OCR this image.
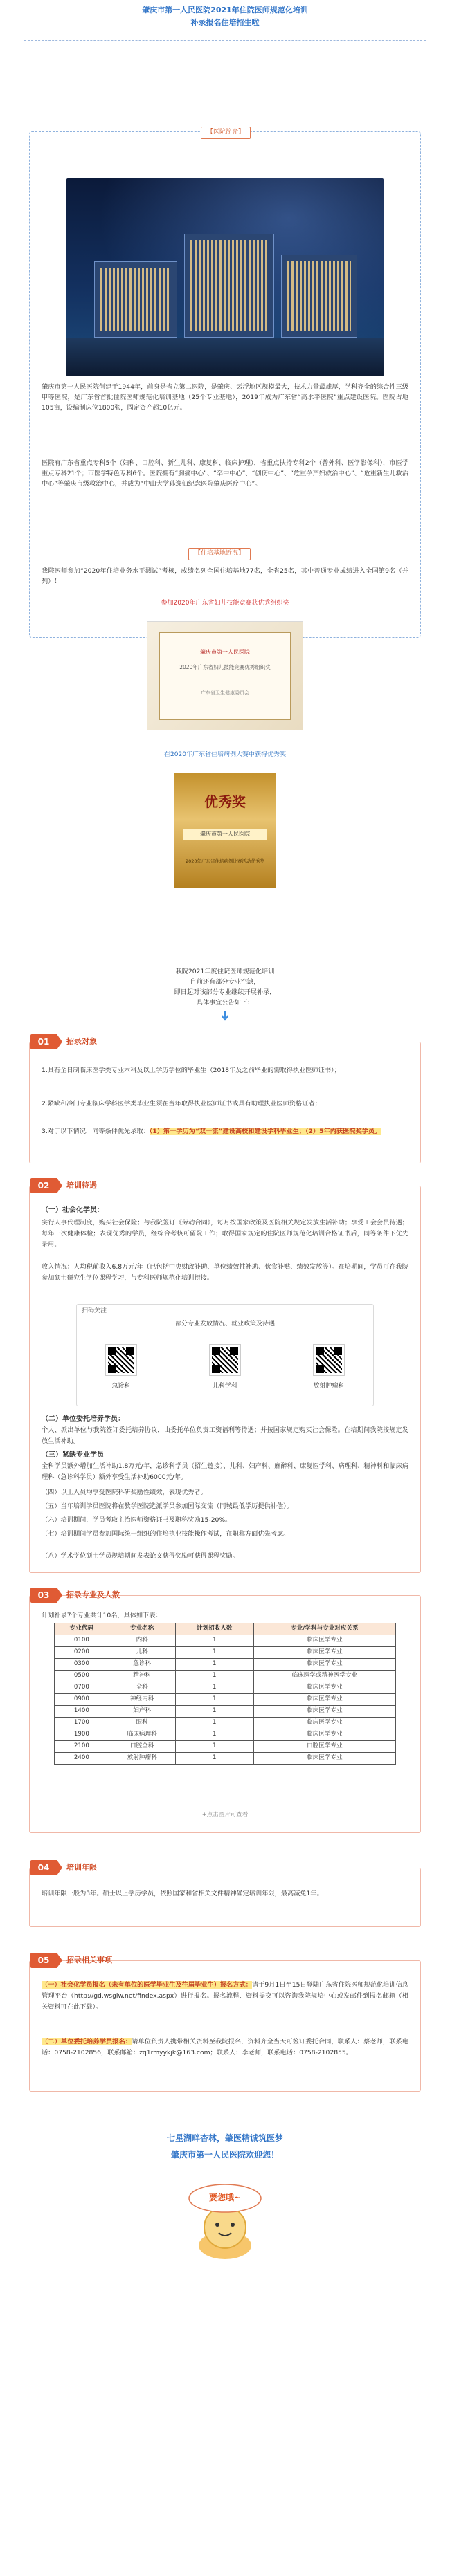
肇庆市第一人民医院2021年住院医师规范化培训
补录报名住培招生啦
【医院简介】
肇庆市第一人民医院创建于1944年，前身是省立第二医院，是肇庆、云浮地区规模最大，技术力量最雄厚，学科齐全的综合性三级甲等医院，是广东省首批住院医师规范化培训基地（25个专业基地），2019年成为广东省“高水平医院”重点建设医院。医院占地105亩，设编制床位1800张，固定资产超10亿元。
医院有广东省重点专科5个（妇科、口腔科、新生儿科、康复科、临床护理），省重点扶持专科2个（普外科、医学影像科），市医学重点专科21个；市医学特色专科6个。医院拥有“胸痛中心”、“卒中中心”、“创伤中心”、“危重孕产妇救治中心”、“危重新生儿救治中心”等肇庆市级救治中心，并成为“中山大学孙逸仙纪念医院肇庆医疗中心”。
【住培基地近况】
我院医师参加“2020年住培业务水平测试”考核，成绩名列全国住培基地77名，全省25名，其中普通专业成绩进入全国第9名（并列）！
参加2020年广东省妇儿技能竞赛获优秀组织奖
肇庆市第一人民医院
2020年广东省妇儿技能竞赛优秀组织奖
广东省卫生健康委员会
在2020年广东省住培病例大赛中获得优秀奖
优秀奖
肇庆市第一人民医院
2020年广东省住培病例比赛活动优秀奖
我院2021年度住院医师规范化培训
自前还有部分专业空缺，
即日起对该部分专业继续开展补录，
具体事宜公告如下：
01	招录对象
1.具有全日制临床医学类专业本科及以上学历学位的毕业生（2018年及之前毕业的需取得执业医师证书）；
2.紧缺和冷门专业临床学科医学类毕业生须在当年取得执业医师证书或具有助理执业医师资格证者；
3.对于以下情况，同等条件优先录取：（1）第一学历为“双一流”建设高校和建设学科毕业生；（2）5年内获医院奖学员。
02	培训待遇
（一）社会化学员：
实行人事代理制度，购买社会保险；与我院签订《劳动合同》，每月按国家政策及医院相关规定发放生活补助；享受工会会员待遇；每年一次健康体检；表现优秀的学员，经综合考核可留院工作；取得国家规定的住院医师规范化培训合格证书后，同等条件下优先录用。
收入情况：人均税前收入6.8万元/年（已包括中央财政补助、单位绩效性补助、伙食补贴、绩效发放等）。在培期间，学员可在我院参加硕士研究生学位课程学习，与专科医师规范化培训衔接。
扫码关注
部分专业发放情况、就业政策及待遇
急诊科	儿科学科	放射肿瘤科
（二）单位委托培养学员：
个人、派出单位与我院签订委托培养协议，由委托单位负责工资福利等待遇；并按国家规定购买社会保险。在培期间我院按规定发放生活补助。
（三）紧缺专业学员
全科学员额外增加生活补助1.8万元/年，急诊科学员（招生链接）、儿科、妇产科、麻醉科、康复医学科、病理科、精神科和临床病理科（急诊科学员）额外享受生活补助6000元/年。
（四）以上人员均享受医院科研奖励性绩效，表现优秀者。
（五）当年培训学员医院将在教学医院选派学员参加国际交流（同城最低学历提供补偿）。
（六）培训期间，学员考取主治医师资格证书及职称奖励15-20%。
（七）培训期间学员参加国际统一组织的住培执业技能操作考试，在职称方面优先考虑。
（八）学术学位硕士学员规培期间发表论文获得奖励可获得课程奖励。
03	招录专业及人数
计划补录7个专业共计10名，具体如下表：
专业代码	专业名称	计划招收人数	专业/学科与专业对应关系
0100	内科	1	临床医学专业
0200	儿科	1	临床医学专业
0300	急诊科	1	临床医学专业
0500	精神科	1	临床医学或精神医学专业
0700	全科	1	临床医学专业
0900	神经内科	1	临床医学专业
1400	妇产科	1	临床医学专业
1700	眼科	1	临床医学专业
1900	临床病理科	1	临床医学专业
2100	口腔全科	1	口腔医学专业
2400	放射肿瘤科	1	临床医学专业
+点击图片可查看
04	培训年限
培训年限一般为3年。硕士以上学历学员，依照国家和省相关文件精神确定培训年限，最高减免1年。
05	招录相关事项
（一）社会化学员报名（未有单位的医学毕业生及往届毕业生）报名方式：请于9月1日至15日登陆广东省住院医师规范化培训信息管理平台（http://gd.wsglw.net/findex.aspx）进行报名。报名流程、资料提交可以咨询我院规培中心或发邮件到报名邮箱（相关资料可在此下载）。
（二）单位委托培养学员报名：请单位负责人携带相关资料至我院报名，资料齐全当天可签订委托合同，联系人：蔡老师，联系电话：0758-2102856，联系邮箱：zq1rmyykjk@163.com；联系人：李老师，联系电话：0758-2102855。
七星湖畔杏林，肇医精诚筑医梦
肇庆市第一人民医院欢迎您！
要您哦~
